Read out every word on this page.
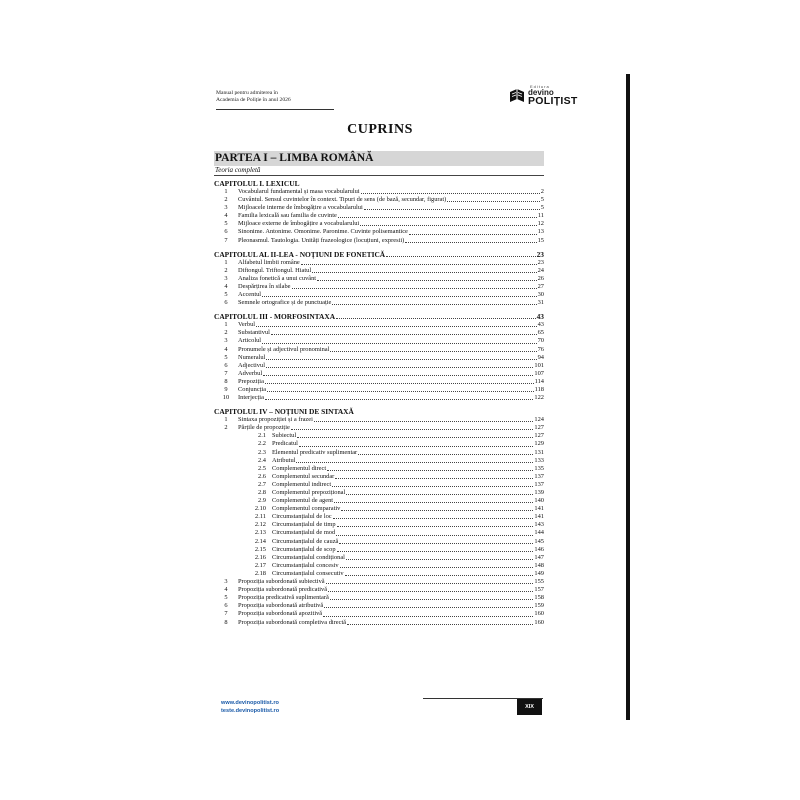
Manual pentru admiterea în
Academia de Poliție în anul 2026
Editura
devino
POLIȚIST
CUPRINS
PARTEA I – LIMBA ROMÂNĂ
Teoria completă
CAPITOLUL I. LEXICUL
1	Vocabularul fundamental și masa vocabularului	2
2	Cuvântul. Sensul cuvintelor în context. Tipuri de sens (de bază, secundar, figurat)	5
3	Mijloacele interne de îmbogățire a vocabularului	5
4	Familia lexicală sau familia de cuvinte	11
5	Mijloace externe de îmbogățire a vocabularului	12
6	Sinonime. Antonime. Omonime. Paronime. Cuvinte polisemantice	13
7	Pleonasmul. Tautologia. Unități frazeologice (locuțiuni, expresii)	15
CAPITOLUL AL II-LEA - NOȚIUNI DE FONETICĂ	23
1	Alfabetul limbii române	23
2	Diftongul. Triftongul. Hiatul	24
3	Analiza fonetică a unui cuvânt	26
4	Despărțirea în silabe	27
5	Accentul	30
6	Semnele ortografice și de punctuație	31
CAPITOLUL III - MORFOSINTAXA	43
1	Verbul	43
2	Substantivul	65
3	Articolul	70
4	Pronumele și adjectivul pronominal	76
5	Numeralul	94
6	Adjectivul	101
7	Adverbul	107
8	Prepoziția	114
9	Conjuncția	118
10	Interjecția	122
CAPITOLUL IV – NOȚIUNI DE SINTAXĂ
1	Sintaxa propoziției și a frazei	124
2	Părțile de propoziție	127
2.1 Subiectul	127
2.2 Predicatul	129
2.3 Elementul predicativ suplimentar	131
2.4 Atributul	133
2.5 Complementul direct	135
2.6 Complementul secundar	137
2.7 Complementul indirect	137
2.8 Complementul prepozițional	139
2.9 Complementul de agent	140
2.10 Complementul comparativ	141
2.11 Circumstanțialul de loc	141
2.12 Circumstanțialul de timp	143
2.13 Circumstanțialul de mod	144
2.14 Circumstanțialul de cauză	145
2.15 Circumstanțialul de scop	146
2.16 Circumstanțialul condițional	147
2.17 Circumstanțialul concesiv	148
2.18 Circumstanțialul consecutiv	149
3	Propoziția subordonată subiectivă	155
4	Propoziția subordonată predicativă	157
5	Propoziția predicativă suplimentară	158
6	Propoziția subordonată atributivă	159
7	Propoziția subordonată apozitivă	160
8	Propoziția subordonată completiva directă	160
www.devinopolitist.ro
teste.devinopolitist.ro
XIX
